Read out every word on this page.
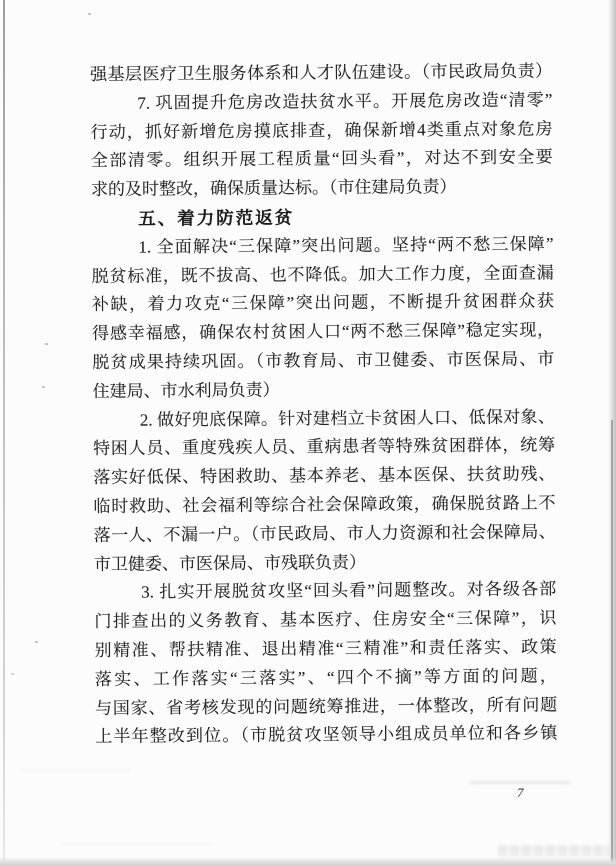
强基层医疗卫生服务体系和人才队伍建设。（市民政局负责）

7. 巩固提升危房改造扶贫水平。开展危房改造“清零”

行动，抓好新增危房摸底排查，确保新增4类重点对象危房

全部清零。组织开展工程质量“回头看”，对达不到安全要

求的及时整改，确保质量达标。（市住建局负责）

五、着力防范返贫

1. 全面解决“三保障”突出问题。坚持“两不愁三保障”

脱贫标准，既不拔高、也不降低。加大工作力度，全面查漏

补缺，着力攻克“三保障”突出问题，不断提升贫困群众获

得感幸福感，确保农村贫困人口“两不愁三保障”稳定实现，

脱贫成果持续巩固。（市教育局、市卫健委、市医保局、市

住建局、市水利局负责）

2. 做好兜底保障。针对建档立卡贫困人口、低保对象、

特困人员、重度残疾人员、重病患者等特殊贫困群体，统筹

落实好低保、特困救助、基本养老、基本医保、扶贫助残、

临时救助、社会福利等综合社会保障政策，确保脱贫路上不

落一人、不漏一户。（市民政局、市人力资源和社会保障局、

市卫健委、市医保局、市残联负责）

3. 扎实开展脱贫攻坚“回头看”问题整改。对各级各部

门排查出的义务教育、基本医疗、住房安全“三保障”，识

别精准、帮扶精准、退出精准“三精准”和责任落实、政策

落实、工作落实“三落实”、“四个不摘”等方面的问题，

与国家、省考核发现的问题统筹推进，一体整改，所有问题

上半年整改到位。（市脱贫攻坚领导小组成员单位和各乡镇

7
